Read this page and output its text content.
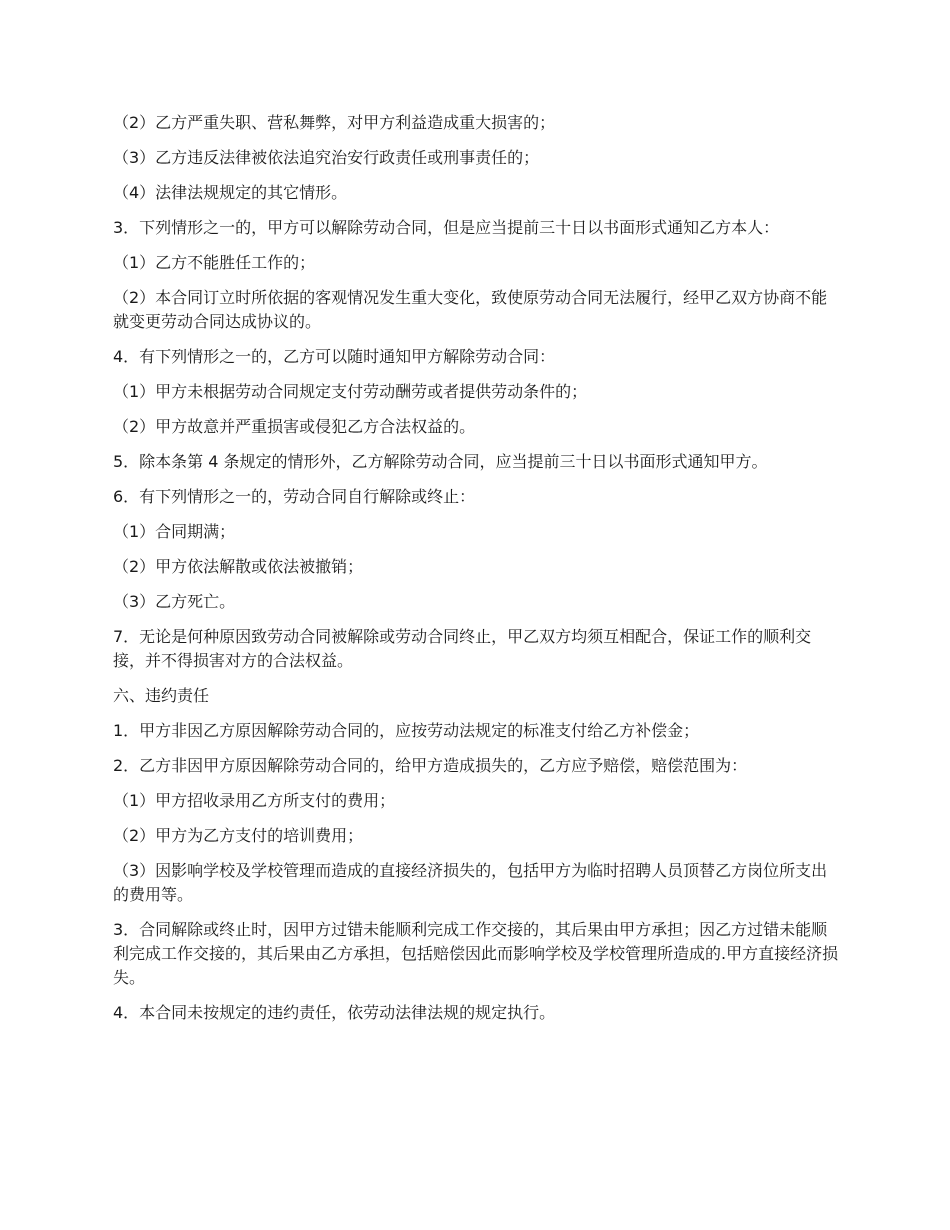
（2）乙方严重失职、营私舞弊，对甲方利益造成重大损害的；

（3）乙方违反法律被依法追究治安行政责任或刑事责任的；

（4）法律法规规定的其它情形。

3．下列情形之一的，甲方可以解除劳动合同，但是应当提前三十日以书面形式通知乙方本人：

（1）乙方不能胜任工作的；

（2）本合同订立时所依据的客观情况发生重大变化，致使原劳动合同无法履行，经甲乙双方协商不能就变更劳动合同达成协议的。

4．有下列情形之一的，乙方可以随时通知甲方解除劳动合同：

（1）甲方未根据劳动合同规定支付劳动酬劳或者提供劳动条件的；

（2）甲方故意并严重损害或侵犯乙方合法权益的。

5．除本条第 4 条规定的情形外，乙方解除劳动合同，应当提前三十日以书面形式通知甲方。

6．有下列情形之一的，劳动合同自行解除或终止：

（1）合同期满；

（2）甲方依法解散或依法被撤销；

（3）乙方死亡。

7．无论是何种原因致劳动合同被解除或劳动合同终止，甲乙双方均须互相配合，保证工作的顺利交接，并不得损害对方的合法权益。

六、违约责任

1．甲方非因乙方原因解除劳动合同的，应按劳动法规定的标准支付给乙方补偿金；

2．乙方非因甲方原因解除劳动合同的，给甲方造成损失的，乙方应予赔偿，赔偿范围为：

（1）甲方招收录用乙方所支付的费用；

（2）甲方为乙方支付的培训费用；

（3）因影响学校及学校管理而造成的直接经济损失的，包括甲方为临时招聘人员顶替乙方岗位所支出的费用等。

3．合同解除或终止时，因甲方过错未能顺利完成工作交接的，其后果由甲方承担；因乙方过错未能顺利完成工作交接的，其后果由乙方承担，包括赔偿因此而影响学校及学校管理所造成的.甲方直接经济损失。

4．本合同未按规定的违约责任，依劳动法律法规的规定执行。
